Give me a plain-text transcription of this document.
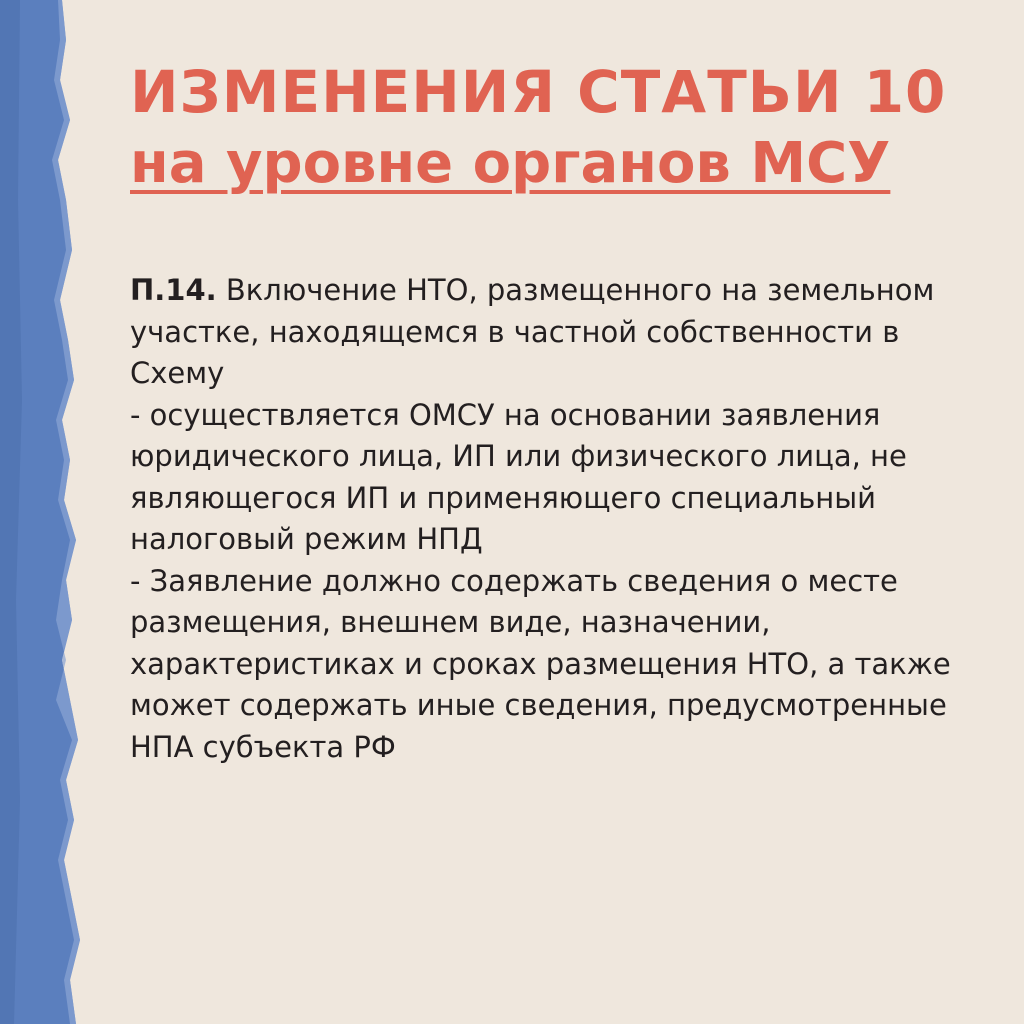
ИЗМЕНЕНИЯ СТАТЬИ 10
на уровне органов МСУ

П.14. Включение НТО, размещенного на земельном участке, находящемся в частной собственности в Схему

- осуществляется ОМСУ на основании заявления юридического лица, ИП или физического лица, не являющегося ИП и применяющего специальный налоговый режим НПД

- Заявление должно содержать сведения о месте размещения, внешнем виде, назначении, характеристиках и сроках размещения НТО, а также может содержать иные сведения, предусмотренные НПА субъекта РФ
